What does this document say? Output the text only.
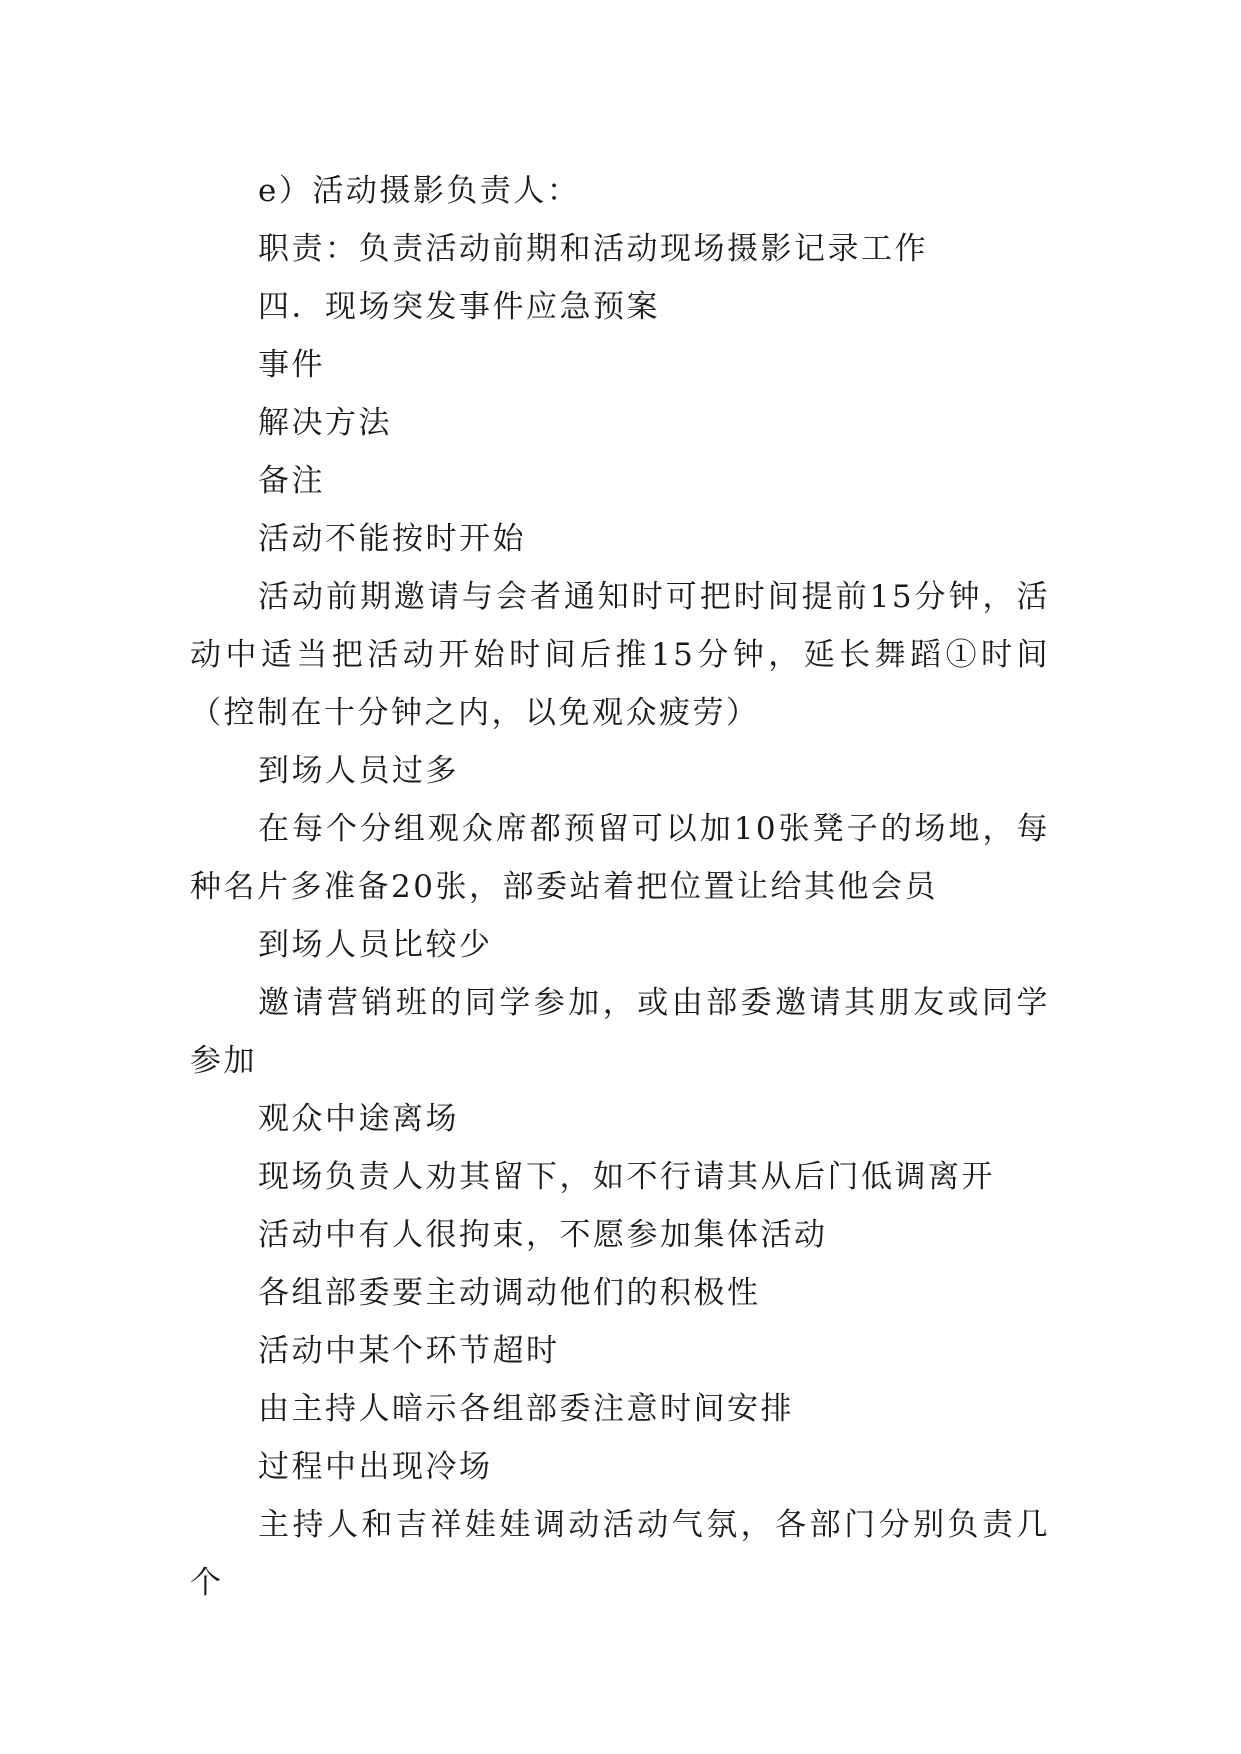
e）活动摄影负责人：

职责：负责活动前期和活动现场摄影记录工作

四．现场突发事件应急预案

事件

解决方法

备注

活动不能按时开始

活动前期邀请与会者通知时可把时间提前15分钟，活动中适当把活动开始时间后推15分钟，延长舞蹈①时间（控制在十分钟之内，以免观众疲劳）

到场人员过多

在每个分组观众席都预留可以加10张凳子的场地，每种名片多准备20张，部委站着把位置让给其他会员

到场人员比较少

邀请营销班的同学参加，或由部委邀请其朋友或同学参加

观众中途离场

现场负责人劝其留下，如不行请其从后门低调离开

活动中有人很拘束，不愿参加集体活动

各组部委要主动调动他们的积极性

活动中某个环节超时

由主持人暗示各组部委注意时间安排

过程中出现冷场

主持人和吉祥娃娃调动活动气氛，各部门分别负责几个
